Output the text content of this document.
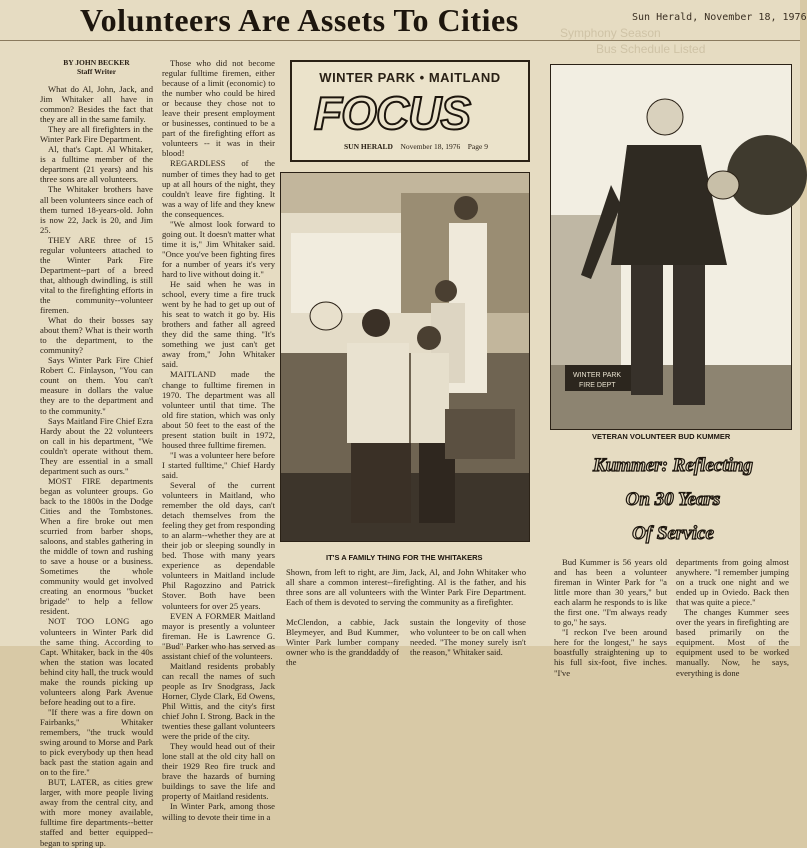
Symphony Season
Bus Schedule Listed
Volunteers Are Assets To Cities	Sun Herald, November 18, 1976

BY JOHN BECKER

Staff Writer

What do Al, John, Jack, and Jim Whitaker all have in common? Besides the fact that they are all in the same family.

They are all firefighters in the Winter Park Fire Department.

Al, that's Capt. Al Whitaker, is a fulltime member of the department (21 years) and his three sons are all volunteers.

The Whitaker brothers have all been volunteers since each of them turned 18-years-old. John is now 22, Jack is 20, and Jim 25.

THEY ARE three of 15 regular volunteers attached to the Winter Park Fire Department--part of a breed that, although dwindling, is still vital to the firefighting efforts in the community--volunteer firemen.

What do their bosses say about them? What is their worth to the department, to the community?

Says Winter Park Fire Chief Robert C. Finlayson, "You can count on them. You can't measure in dollars the value they are to the department and to the community."

Says Maitland Fire Chief Ezra Hardy about the 22 volunteers on call in his department, "We couldn't operate without them. They are essential in a small department such as ours."

MOST FIRE departments began as volunteer groups. Go back to the 1800s in the Dodge Cities and the Tombstones. When a fire broke out men scurried from barber shops, saloons, and stables gathering in the middle of town and rushing to save a house or a business. Sometimes the whole community would get involved creating an enormous "bucket brigade" to help a fellow resident.

NOT TOO LONG ago volunteers in Winter Park did the same thing. According to Capt. Whitaker, back in the 40s when the station was located behind city hall, the truck would make the rounds picking up volunteers along Park Avenue before heading out to a fire.

"If there was a fire down on Fairbanks," Whitaker remembers, "the truck would swing around to Morse and Park to pick everybody up then head back past the station again and on to the fire."

BUT, LATER, as cities grew larger, with more people living away from the central city, and with more money available, fulltime fire departments--better staffed and better equipped--began to spring up.

Those who did not become regular fulltime firemen, either because of a limit (economic) to the number who could be hired or because they chose not to leave their present employment or businesses, continued to be a part of the firefighting effort as volunteers -- it was in their blood!

REGARDLESS of the number of times they had to get up at all hours of the night, they couldn't leave fire fighting. It was a way of life and they knew the consequences.

"We almost look forward to going out. It doesn't matter what time it is," Jim Whitaker said. "Once you've been fighting fires for a number of years it's very hard to live without doing it."

He said when he was in school, every time a fire truck went by he had to get up out of his seat to watch it go by. His brothers and father all agreed they did the same thing. "It's something we just can't get away from," John Whitaker said.

MAITLAND made the change to fulltime firemen in 1970. The department was all volunteer until that time. The old fire station, which was only about 50 feet to the east of the present station built in 1972, housed three fulltime firemen.

"I was a volunteer here before I started fulltime," Chief Hardy said.

Several of the current volunteers in Maitland, who remember the old days, can't detach themselves from the feeling they get from responding to an alarm--whether they are at their job or sleeping soundly in bed. Those with many years experience as dependable volunteers in Maitland include Phil Ragozzino and Patrick Stover. Both have been volunteers for over 25 years.

EVEN A FORMER Maitland mayor is presently a volunteer fireman. He is Lawrence G. "Bud" Parker who has served as assistant chief of the volunteers.

Maitland residents probably can recall the names of such people as Irv Snodgrass, Jack Horner, Clyde Clark, Ed Owens, Phil Wittis, and the city's first chief John I. Strong. Back in the twenties these gallant volunteers were the pride of the city.

They would head out of their lone stall at the old city hall on their 1929 Reo fire truck and brave the hazards of burning buildings to save the life and property of Maitland residents.

In Winter Park, among those willing to devote their time in a

WINTER PARK • MAITLAND
FOCUS
SUN HERALD November 18, 1976 Page 9
IT'S A FAMILY THING FOR THE WHITAKERS
Shown, from left to right, are Jim, Jack, Al, and John Whitaker who all share a common interest--firefighting. Al is the father, and his three sons are all volunteers with the Winter Park Fire Department. Each of them is devoted to serving the community as a firefighter.

McClendon, a cabbie, Jack Bleymeyer, and Bud Kummer, Winter Park lumber company owner who is the granddaddy of the

sustain the longevity of those who volunteer to be on call when needed. "The money surely isn't the reason," Whitaker said.

WINTER PARK
FIRE DEPT
VETERAN VOLUNTEER BUD KUMMER
Kummer: Reflecting
On 30 Years
Of Service

Bud Kummer is 56 years old and has been a volunteer fireman in Winter Park for "a little more than 30 years," but each alarm he responds to is like the first one. "I'm always ready to go," he says.

"I reckon I've been around here for the longest," he says boastfully straightening up to his full six-foot, five inches. "I've

departments from going almost anywhere. "I remember jumping on a truck one night and we ended up in Oviedo. Back then that was quite a piece."

The changes Kummer sees over the years in firefighting are based primarily on the equipment. Most of the equipment used to be worked manually. Now, he says, everything is done
